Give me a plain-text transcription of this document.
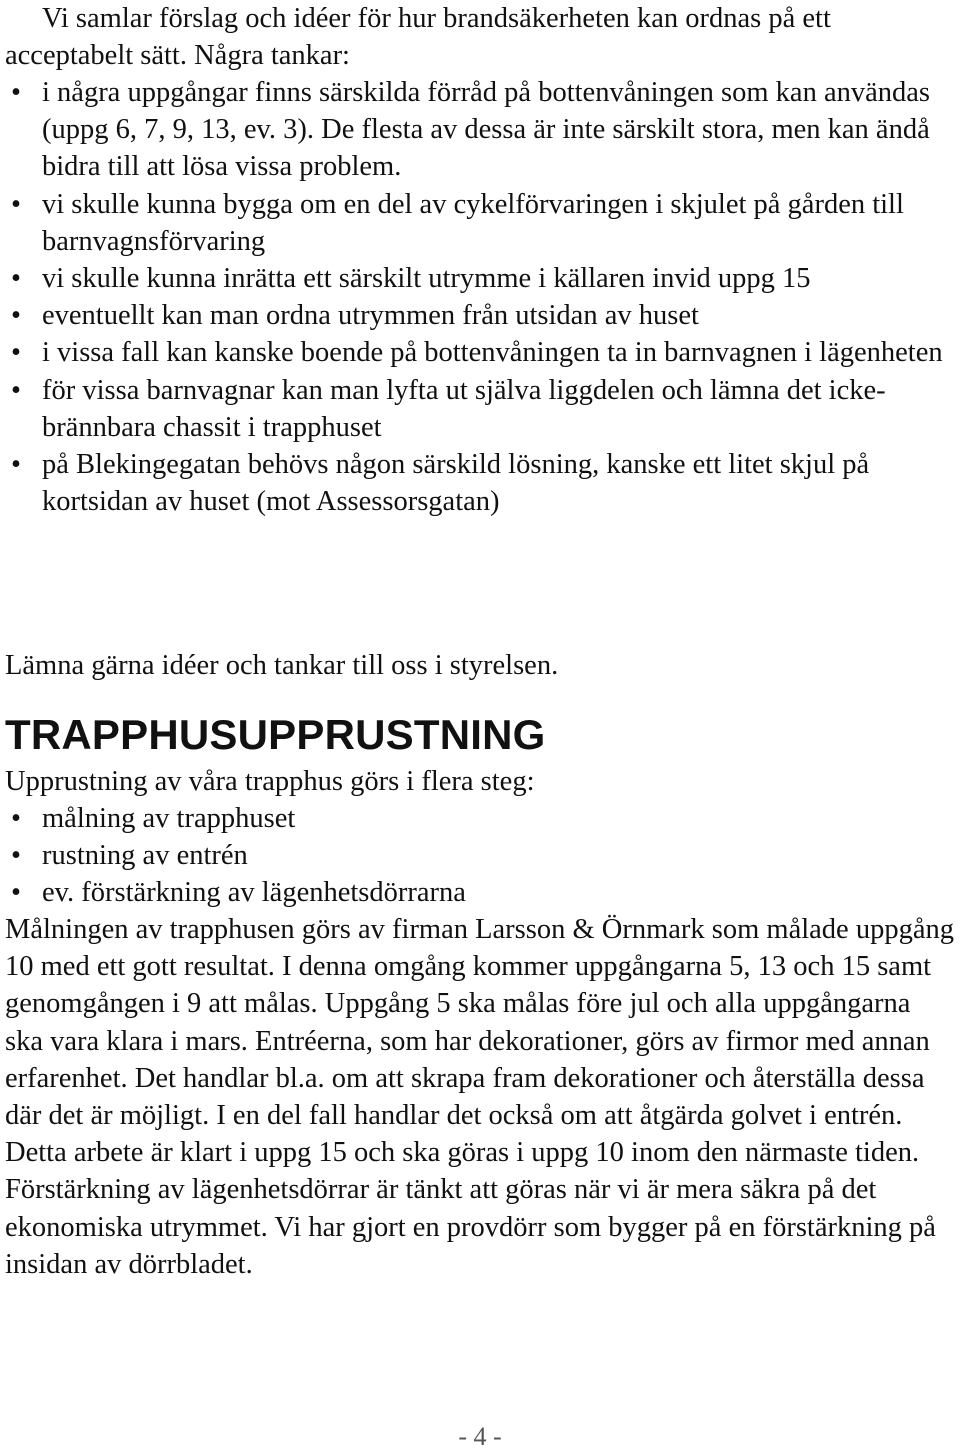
Vi samlar förslag och idéer för hur brandsäkerheten kan ordnas på ett acceptabelt sätt. Några tankar:

• i några uppgångar finns särskilda förråd på bottenvåningen som kan användas (uppg 6, 7, 9, 13, ev. 3). De flesta av dessa är inte särskilt stora, men kan ändå bidra till att lösa vissa problem.
• vi skulle kunna bygga om en del av cykelförvaringen i skjulet på gården till barnvagnsförvaring
• vi skulle kunna inrätta ett särskilt utrymme i källaren invid uppg 15
• eventuellt kan man ordna utrymmen från utsidan av huset
• i vissa fall kan kanske boende på bottenvåningen ta in barnvagnen i lägenheten
• för vissa barnvagnar kan man lyfta ut själva liggdelen och lämna det icke-brännbara chassit i trapphuset
• på Blekingegatan behövs någon särskild lösning, kanske ett litet skjul på kortsidan av huset (mot Assessorsgatan)

Lämna gärna idéer och tankar till oss i styrelsen.

TRAPPHUSUPPRUSTNING

Upprustning av våra trapphus görs i flera steg:

• målning av trapphuset
• rustning av entrén
• ev. förstärkning av lägenhetsdörrarna

Målningen av trapphusen görs av firman Larsson & Örnmark som målade uppgång 10 med ett gott resultat. I denna omgång kommer uppgångarna 5, 13 och 15 samt genomgången i 9 att målas. Uppgång 5 ska målas före jul och alla uppgångarna ska vara klara i mars. Entréerna, som har dekorationer, görs av firmor med annan erfarenhet. Det handlar bl.a. om att skrapa fram dekorationer och återställa dessa där det är möjligt. I en del fall handlar det också om att åtgärda golvet i entrén. Detta arbete är klart i uppg 15 och ska göras i uppg 10 inom den närmaste tiden. Förstärkning av lägenhetsdörrar är tänkt att göras när vi är mera säkra på det ekonomiska utrymmet. Vi har gjort en provdörr som bygger på en förstärkning på insidan av dörrbladet.

- 4 -
